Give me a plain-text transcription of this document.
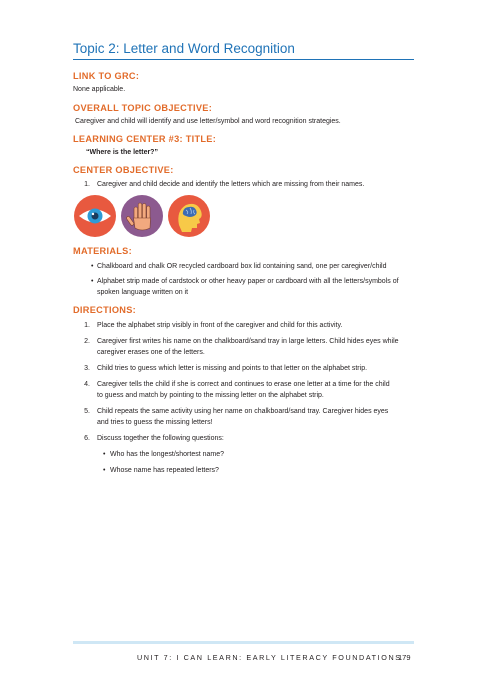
Topic 2: Letter and Word Recognition
LINK TO GRC:
None applicable.
OVERALL TOPIC OBJECTIVE:
Caregiver and child will identify and use letter/symbol and word recognition strategies.
LEARNING CENTER #3: TITLE:
“Where is the letter?”
CENTER OBJECTIVE:
1. Caregiver and child decide and identify the letters which are missing from their names.
MATERIALS:
• Chalkboard and chalk OR recycled cardboard box lid containing sand, one per caregiver/child
• Alphabet strip made of cardstock or other heavy paper or cardboard with all the letters/symbols of
spoken language written on it
DIRECTIONS:
1. Place the alphabet strip visibly in front of the caregiver and child for this activity.
2. Caregiver first writes his name on the chalkboard/sand tray in large letters. Child hides eyes while
caregiver erases one of the letters.
3. Child tries to guess which letter is missing and points to that letter on the alphabet strip.
4. Caregiver tells the child if she is correct and continues to erase one letter at a time for the child
to guess and match by pointing to the missing letter on the alphabet strip.
5. Child repeats the same activity using her name on chalkboard/sand tray. Caregiver hides eyes
and tries to guess the missing letters!
6. Discuss together the following questions:
• Who has the longest/shortest name?
• Whose name has repeated letters?
UNIT 7: I CAN LEARN: EARLY LITERACY FOUNDATIONS
179
